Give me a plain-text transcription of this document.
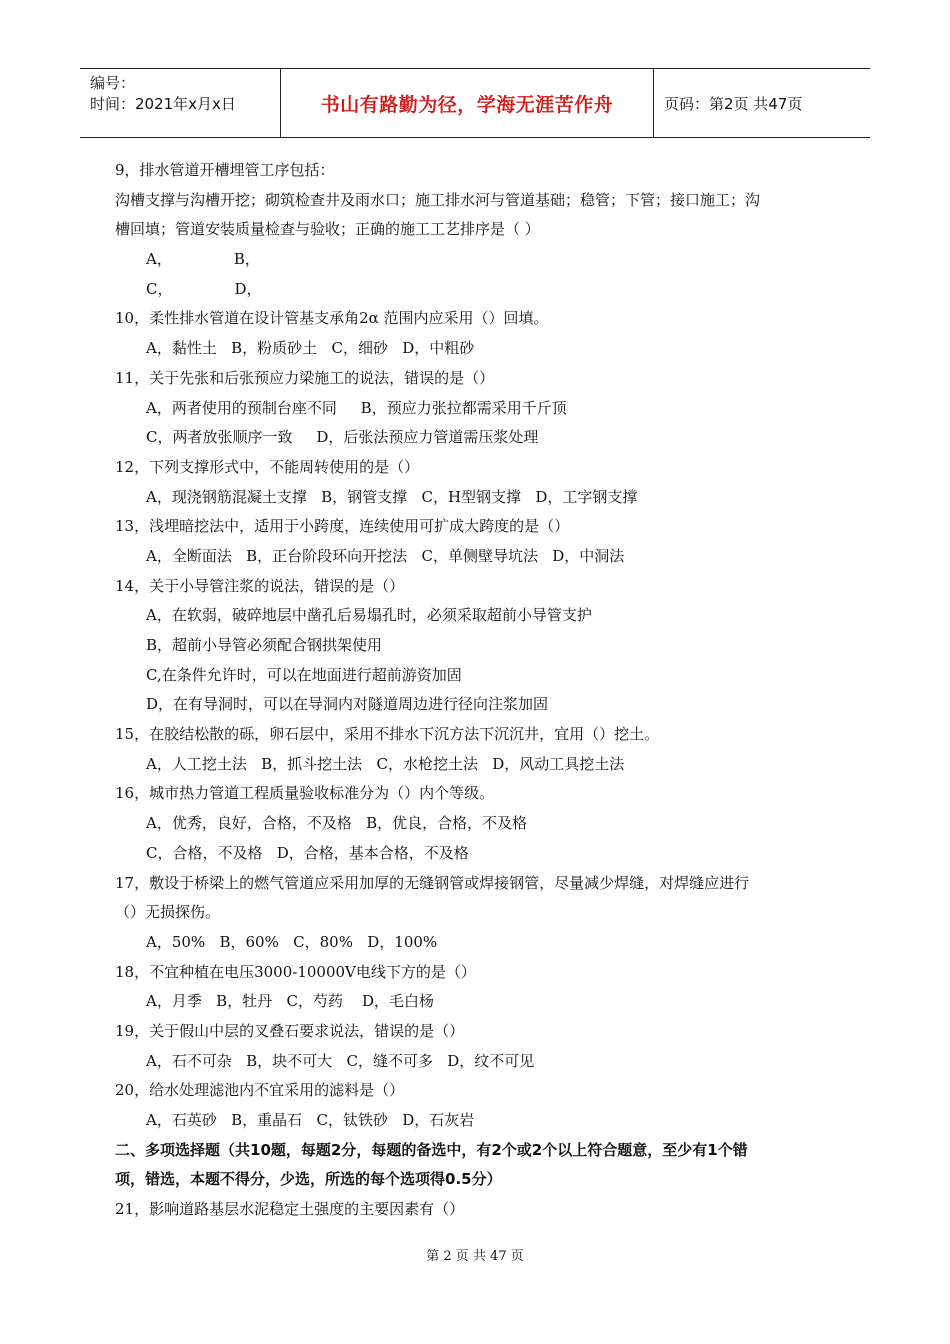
编号：
时间：2021年x月x日	书山有路勤为径，学海无涯苦作舟	页码：第2页 共47页
9，排水管道开槽埋管工序包括：
沟槽支撑与沟槽开挖；砌筑检查井及雨水口；施工排水河与管道基础；稳管；下管；接口施工；沟
槽回填；管道安装质量检查与验收；正确的施工工艺排序是（ ）
A，             B，
C，             D，
10，柔性排水管道在设计管基支承角2α 范围内应采用（）回填。
A，黏性土   B，粉质砂土   C，细砂   D，中粗砂
11，关于先张和后张预应力梁施工的说法，错误的是（）
A，两者使用的预制台座不同     B，预应力张拉都需采用千斤顶
C，两者放张顺序一致     D，后张法预应力管道需压浆处理
12，下列支撑形式中，不能周转使用的是（）
A，现浇钢筋混凝土支撑   B，钢管支撑   C，H型钢支撑   D，工字钢支撑
13，浅埋暗挖法中，适用于小跨度，连续使用可扩成大跨度的是（）
A，全断面法   B，正台阶段环向开挖法   C，单侧壁导坑法   D，中洞法
14，关于小导管注浆的说法，错误的是（）
A，在软弱，破碎地层中凿孔后易塌孔时，必须采取超前小导管支护
B，超前小导管必须配合钢拱架使用
C,在条件允许时，可以在地面进行超前游资加固
D，在有导洞时，可以在导洞内对隧道周边进行径向注浆加固
15，在胶结松散的砾，卵石层中，采用不排水下沉方法下沉沉井，宜用（）挖土。
A，人工挖土法   B，抓斗挖土法   C，水枪挖土法   D，风动工具挖土法
16，城市热力管道工程质量验收标准分为（）内个等级。
A，优秀，良好，合格，不及格   B，优良，合格，不及格
C，合格，不及格   D，合格，基本合格，不及格
17，敷设于桥梁上的燃气管道应采用加厚的无缝钢管或焊接钢管，尽量减少焊缝，对焊缝应进行
（）无损探伤。
A，50%   B，60%   C，80%   D，100%
18，不宜种植在电压3000-10000V电线下方的是（）
A，月季   B，牡丹   C，芍药    D，毛白杨
19，关于假山中层的叉叠石要求说法，错误的是（）
A，石不可杂   B，块不可大   C，缝不可多   D，纹不可见
20，给水处理滤池内不宜采用的滤料是（）
A，石英砂   B，重晶石   C，钛铁砂   D，石灰岩
二、多项选择题（共10题，每题2分，每题的备选中，有2个或2个以上符合题意，至少有1个错
项，错选，本题不得分，少选，所选的每个选项得0.5分）
21，影响道路基层水泥稳定土强度的主要因素有（）
第 2 页 共 47 页
